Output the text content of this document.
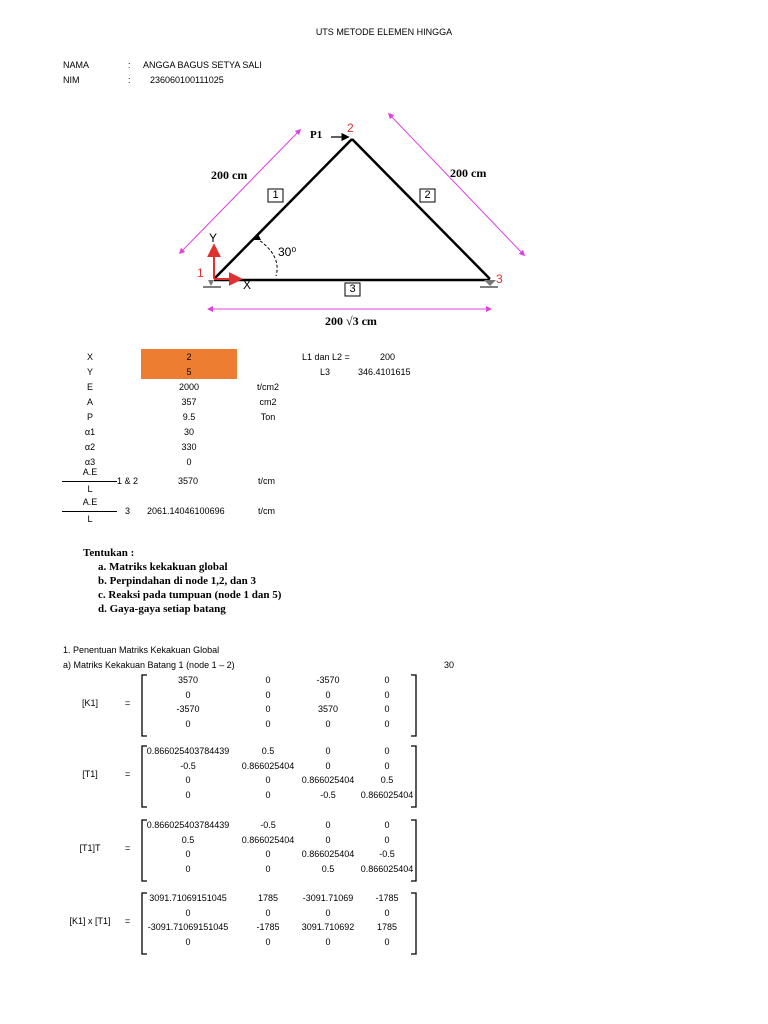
UTS METODE ELEMEN HINGGA
NAMA	: ANGGA BAGUS SETYA SALI
NIM	: 236060100111025
P1 2
1	3
1	2
3
200 cm	200 cm
200 √3 cm
30⁰
Y
X
X	2
Y	5
E	2000	t/cm2
A	357	cm2
P	9.5	Ton
α1	30
α2	330
α3	0
L1 dan L2 =	200
L3	346.4101615
A.E
L
1 & 2	3570	t/cm
A.E
L
3 2061.14046100696	t/cm
Tentukan :
a. Matriks kekakuan global
b. Perpindahan di node 1,2, dan 3
c. Reaksi pada tumpuan (node 1 dan 5)
d. Gaya-gaya setiap batang
1. Penentuan Matriks Kekakuan Global
a) Matriks Kekakuan Batang 1 (node 1 – 2)	30
[K1]	=
3570	0	-3570	0
0	0	0	0
-3570	0	3570	0
0	0	0	0
[T1]	=
0.866025403784439	0.5	0	0
-0.5	0.866025404	0	0
0	0	0.866025404	0.5
0	0	-0.5	0.866025404
[T1]T	=
0.866025403784439	-0.5	0	0
0.5	0.866025404	0	0
0	0	0.866025404	-0.5
0	0	0.5	0.866025404
[K1] x [T1]	=
3091.71069151045	1785	-3091.71069	-1785
0	0	0	0
-3091.71069151045	-1785	3091.710692	1785
0	0	0	0
